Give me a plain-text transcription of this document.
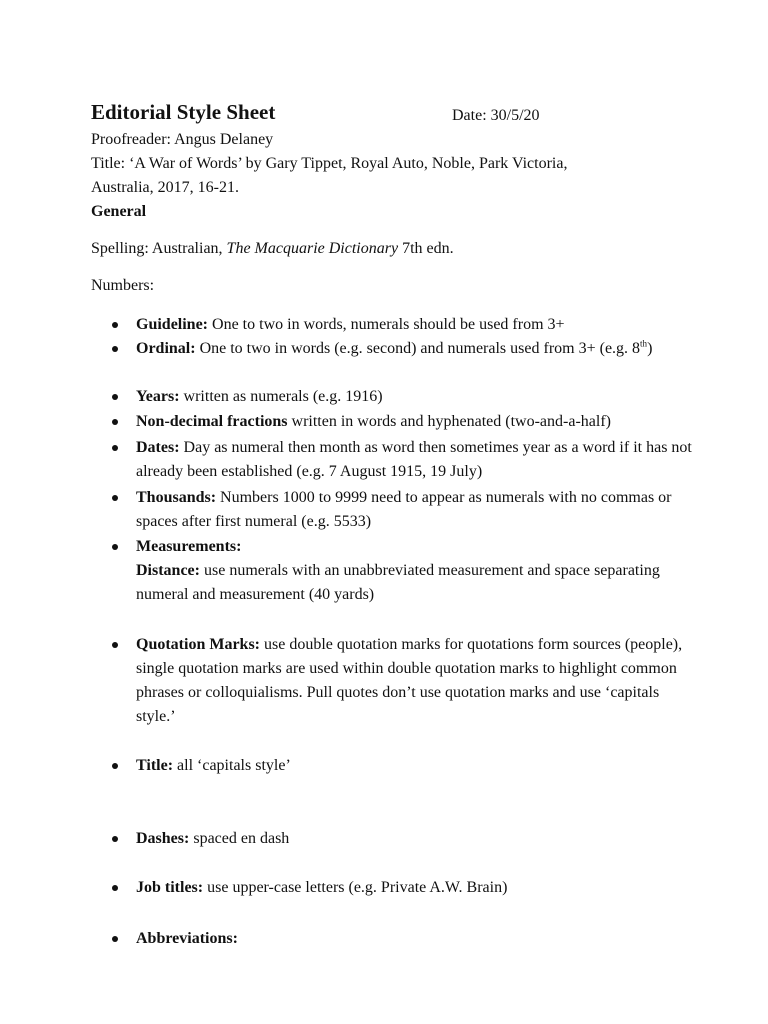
Editorial Style Sheet	Date: 30/5/20
Proofreader: Angus Delaney
Title: ‘A War of Words’ by Gary Tippet, Royal Auto, Noble, Park Victoria,
Australia, 2017, 16-21.
General
Spelling: Australian, The Macquarie Dictionary 7th edn.
Numbers:
Guideline: One to two in words, numerals should be used from 3+
Ordinal: One to two in words (e.g. second) and numerals used from 3+ (e.g. 8th)
Years: written as numerals (e.g. 1916)
Non-decimal fractions written in words and hyphenated (two-and-a-half)
Dates: Day as numeral then month as word then sometimes year as a word if it has not already been established (e.g. 7 August 1915, 19 July)
Thousands: Numbers 1000 to 9999 need to appear as numerals with no commas or spaces after first numeral (e.g. 5533)
Measurements:
Distance: use numerals with an unabbreviated measurement and space separating numeral and measurement (40 yards)
Quotation Marks: use double quotation marks for quotations form sources (people), single quotation marks are used within double quotation marks to highlight common phrases or colloquialisms. Pull quotes don’t use quotation marks and use ‘capitals style.’
Title: all ‘capitals style’
Dashes: spaced en dash
Job titles: use upper-case letters (e.g. Private A.W. Brain)
Abbreviations:
